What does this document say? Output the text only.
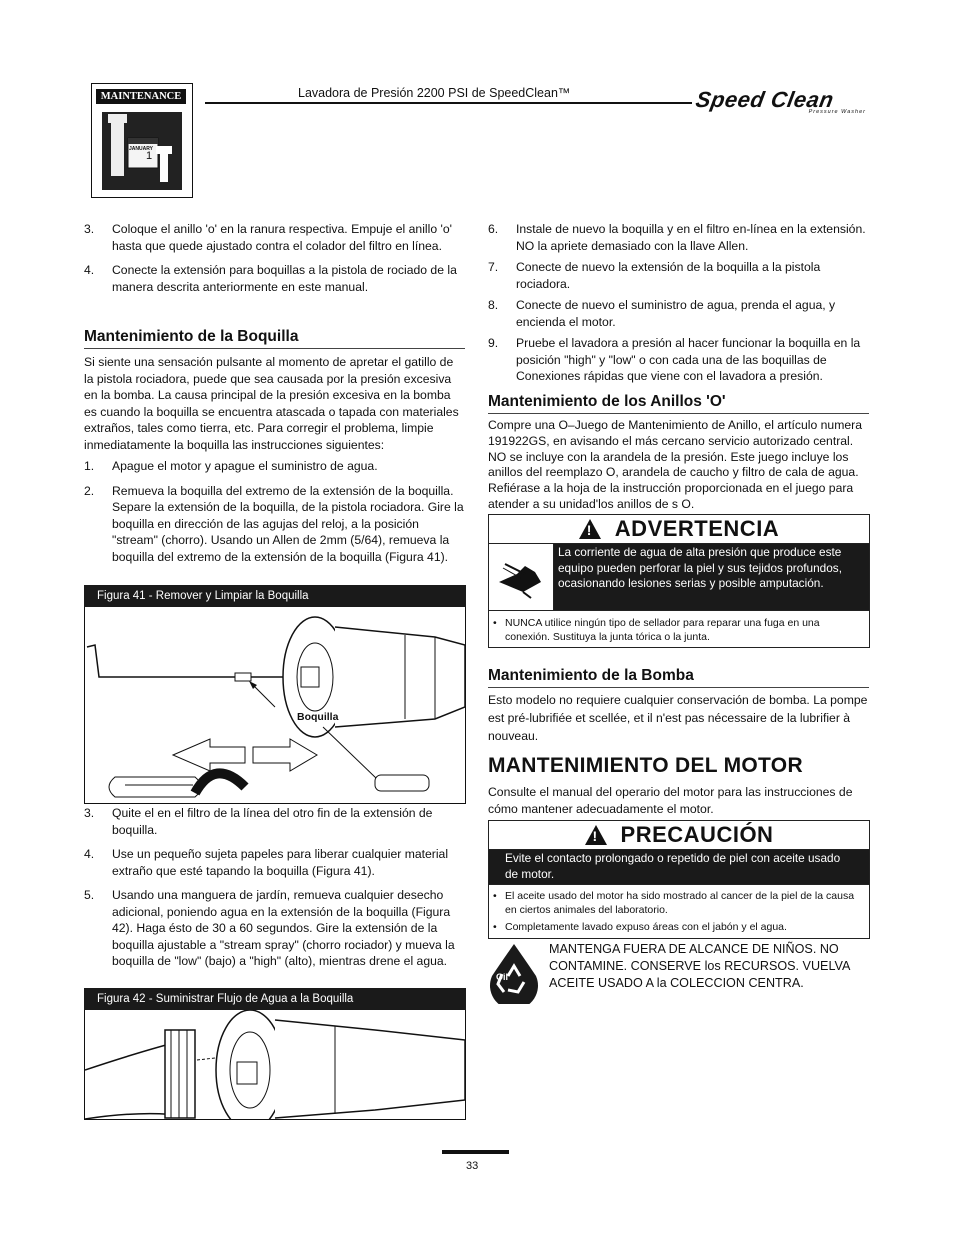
MAINTENANCE
JANUARY
1
Lavadora de Presión 2200 PSI de SpeedClean™	Speed Clean
Pressure Washer
3. Coloque el anillo 'o' en la ranura respectiva. Empuje el anillo 'o' hasta que quede ajustado contra el colador del filtro en línea.
4. Conecte la extensión para boquillas a la pistola de rociado de la manera descrita anteriormente en este manual.
Mantenimiento de la Boquilla
Si siente una sensación pulsante al momento de apretar el gatillo de la pistola rociadora, puede que sea causada por la presión excesiva en la bomba. La causa principal de la presión excesiva en la bomba es cuando la boquilla se encuentra atascada o tapada con materiales extraños, tales como tierra, etc. Para corregir el problema, limpie inmediatamente la boquilla las instrucciones siguientes:
1. Apague el motor y apague el suministro de agua.
2. Remueva la boquilla del extremo de la extensión de la boquilla. Separe la extensión de la boquilla, de la pistola rociadora. Gire la boquilla en dirección de las agujas del reloj, a la posición "stream" (chorro). Usando un Allen de 2mm (5/64), remueva la boquilla del extremo de la extensión de la boquilla (Figura 41).
Figura 41 - Remover y Limpiar la Boquilla
Boquilla
3. Quite el en el filtro de la línea del otro fin de la extensión de boquilla.
4. Use un pequeño sujeta papeles para liberar cualquier material extraño que esté tapando la boquilla (Figura 41).
5. Usando una manguera de jardín, remueva cualquier desecho adicional, poniendo agua en la extensión de la boquilla (Figura 42). Haga ésto de 30 a 60 segundos. Gire la extensión de la boquilla ajustable a "stream spray" (chorro rociador) y mueva la boquilla de "low" (bajo) a "high" (alto), mientras drene el agua.
Figura 42 - Suministrar Flujo de Agua a la Boquilla
6. Instale de nuevo la boquilla y en el filtro en-línea en la extensión. NO la apriete demasiado con la llave Allen.
7. Conecte de nuevo la extensión de la boquilla a la pistola rociadora.
8. Conecte de nuevo el suministro de agua, prenda el agua, y encienda el motor.
9. Pruebe el lavadora a presión al hacer funcionar la boquilla en la posición "high" y "low" o con cada una de las boquillas de Conexiones rápidas que viene con el lavadora a presión.
Mantenimiento de los Anillos 'O'
Compre una O–Juego de Mantenimiento de Anillo, el artículo numera 191922GS, en avisando el más cercano servicio autorizado central. NO se incluye con la arandela de la presión. Este juego incluye los anillos del reemplazo O, arandela de caucho y filtro de cala de agua. Refiérase a la hoja de la instrucción proporcionada en el juego para atender a su unidad'los anillos de s O.
! ADVERTENCIA
La corriente de agua de alta presión que produce este equipo pueden perforar la piel y sus tejidos profundos, ocasionando lesiones serias y posible amputación.
• NUNCA utilice ningún tipo de sellador para reparar una fuga en una conexión. Sustituya la junta tórica o la junta.
Mantenimiento de la Bomba
Esto modelo no requiere cualquier conservación de bomba. La pompe est pré-lubrifiée et scellée, et il n'est pas nécessaire de la lubrifier à nouveau.
MANTENIMIENTO DEL MOTOR
Consulte el manual del operario del motor para las instrucciones de cómo mantener adecuadamente el motor.
! PRECAUCIÓN
Evite el contacto prolongado o repetido de piel con aceite usado de motor.
• El aceite usado del motor ha sido mostrado al cancer de la piel de la causa en ciertos animales del laboratorio.
• Completamente lavado expuso áreas con el jabón y el agua.
Oil
MANTENGA FUERA DE ALCANCE DE NIÑOS. NO CONTAMINE. CONSERVE los RECURSOS. VUELVA ACEITE USADO A la COLECCION CENTRA.
33
